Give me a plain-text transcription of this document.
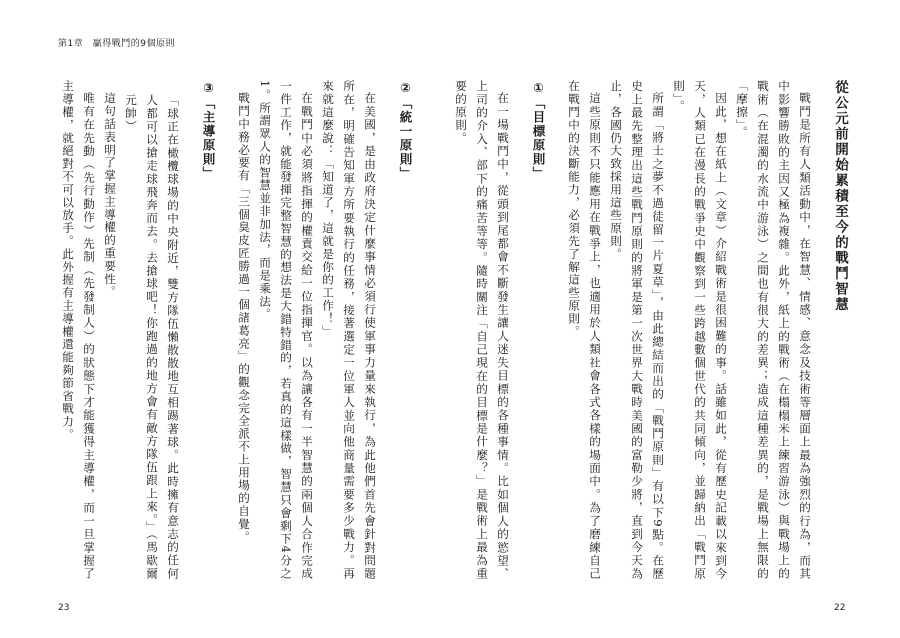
第1章　贏得戰鬥的9個原則
從公元前開始累積至今的戰鬥智慧

戰鬥是所有人類活動中，在智慧、情感、意念及技術等層面上最為強烈的行為，而其中影響勝敗的主因又極為複雜。此外，紙上的戰術（在榻榻米上練習游泳）與戰場上的戰術（在混濁的水流中游泳）之間也有很大的差異；造成這種差異的，是戰場上無限的「摩擦」。

因此，想在紙上（文章）介紹戰術是很困難的事。話雖如此，從有歷史記載以來到今天，人類已在漫長的戰爭史中觀察到一些跨越數個世代的共同傾向，並歸納出「戰鬥原則」。

所謂「將士之夢不過徒留一片夏草」，由此總結而出的「戰鬥原則」有以下9點。在歷史上最先整理出這些戰鬥原則的將軍是第一次世界大戰時美國的富勒少將，直到今天為止，各國仍大致採用這些原則。

這些原則不只能應用在戰爭上，也適用於人類社會各式各樣的場面中。為了磨練自己在戰鬥中的決斷能力，必須先了解這些原則。

①「目標原則」

在一場戰鬥中，從頭到尾都會不斷發生讓人迷失目標的各種事情。比如個人的慾望、上司的介入、部下的痛苦等等。隨時關注「自己現在的目標是什麼？」是戰術上最為重要的原則。

②「統一原則」

在美國，是由政府決定什麼事情必須行使軍事力量來執行，為此他們首先會針對問題所在，明確告知軍方所要執行的任務，接著選定一位軍人並向他商量需要多少戰力。再來就這麼說：「知道了，這就是你的工作！」

在戰鬥中必須將指揮的權責交給一位指揮官。以為讓各有一半智慧的兩個人合作完成一件工作，就能發揮完整智慧的想法是大錯特錯的，若真的這樣做，智慧只會剩下4分之1。所謂眾人的智慧並非加法，而是乘法。

戰鬥中務必要有「三個臭皮匠勝過一個諸葛亮」的觀念完全派不上用場的自覺。

③「主導原則」

「球正在橄欖球場的中央附近，雙方隊伍懶散散地互相踢著球。此時擁有意志的任何人都可以搶走球飛奔而去。去搶球吧！你跑過的地方會有敵方隊伍跟上來。」（馬歇爾元帥）

這句話表明了掌握主導權的重要性。

唯有在先動（先行動作）先制（先發制人）的狀態下才能獲得主導權，而一旦掌握了主導權，就絕對不可以放手。此外握有主導權還能夠節省戰力。

23	22
